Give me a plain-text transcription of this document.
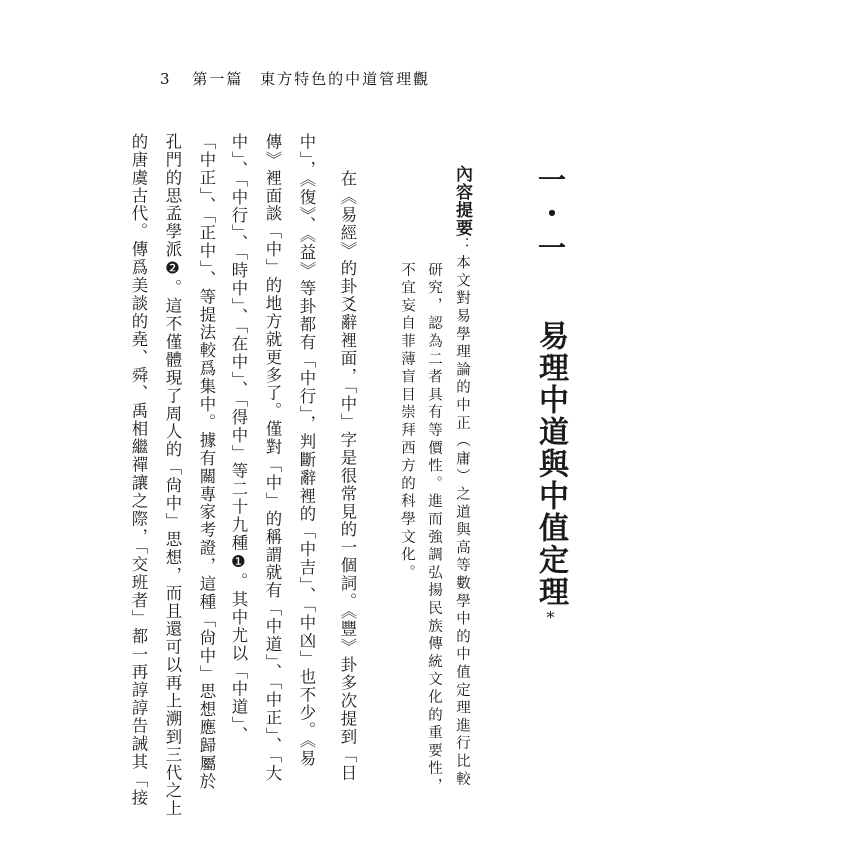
3 第一篇 東方特色的中道管理觀
一・一
易理中道與中值定理*
內容提要：本文對易學理論的中正（庸）之道與高等數學中的中值定理進行比較
研究，認為二者具有等價性。進而強調弘揚民族傳統文化的重要性，
不宜妄自菲薄盲目崇拜西方的科學文化。
在《易經》的卦爻辭裡面，「中」字是很常見的一個詞。《豐》卦多次提到「日
中」，《復》、《益》等卦都有「中行」，判斷辭裡的「中吉」、「中凶」也不少。《易
傳》裡面談「中」的地方就更多了。僅對「中」的稱謂就有「中道」、「中正」、「大
中」、「中行」、「時中」、「在中」、「得中」等二十九種❶。其中尤以「中道」、
「中正」、「正中」、等提法較爲集中。據有關專家考證，這種「尙中」思想應歸屬於
孔門的思孟學派❷。這不僅體現了周人的「尙中」思想，而且還可以再上溯到三代之上
的唐虞古代。傳爲美談的堯、舜、禹相繼禪讓之際，「交班者」都一再諄諄告誡其「接
